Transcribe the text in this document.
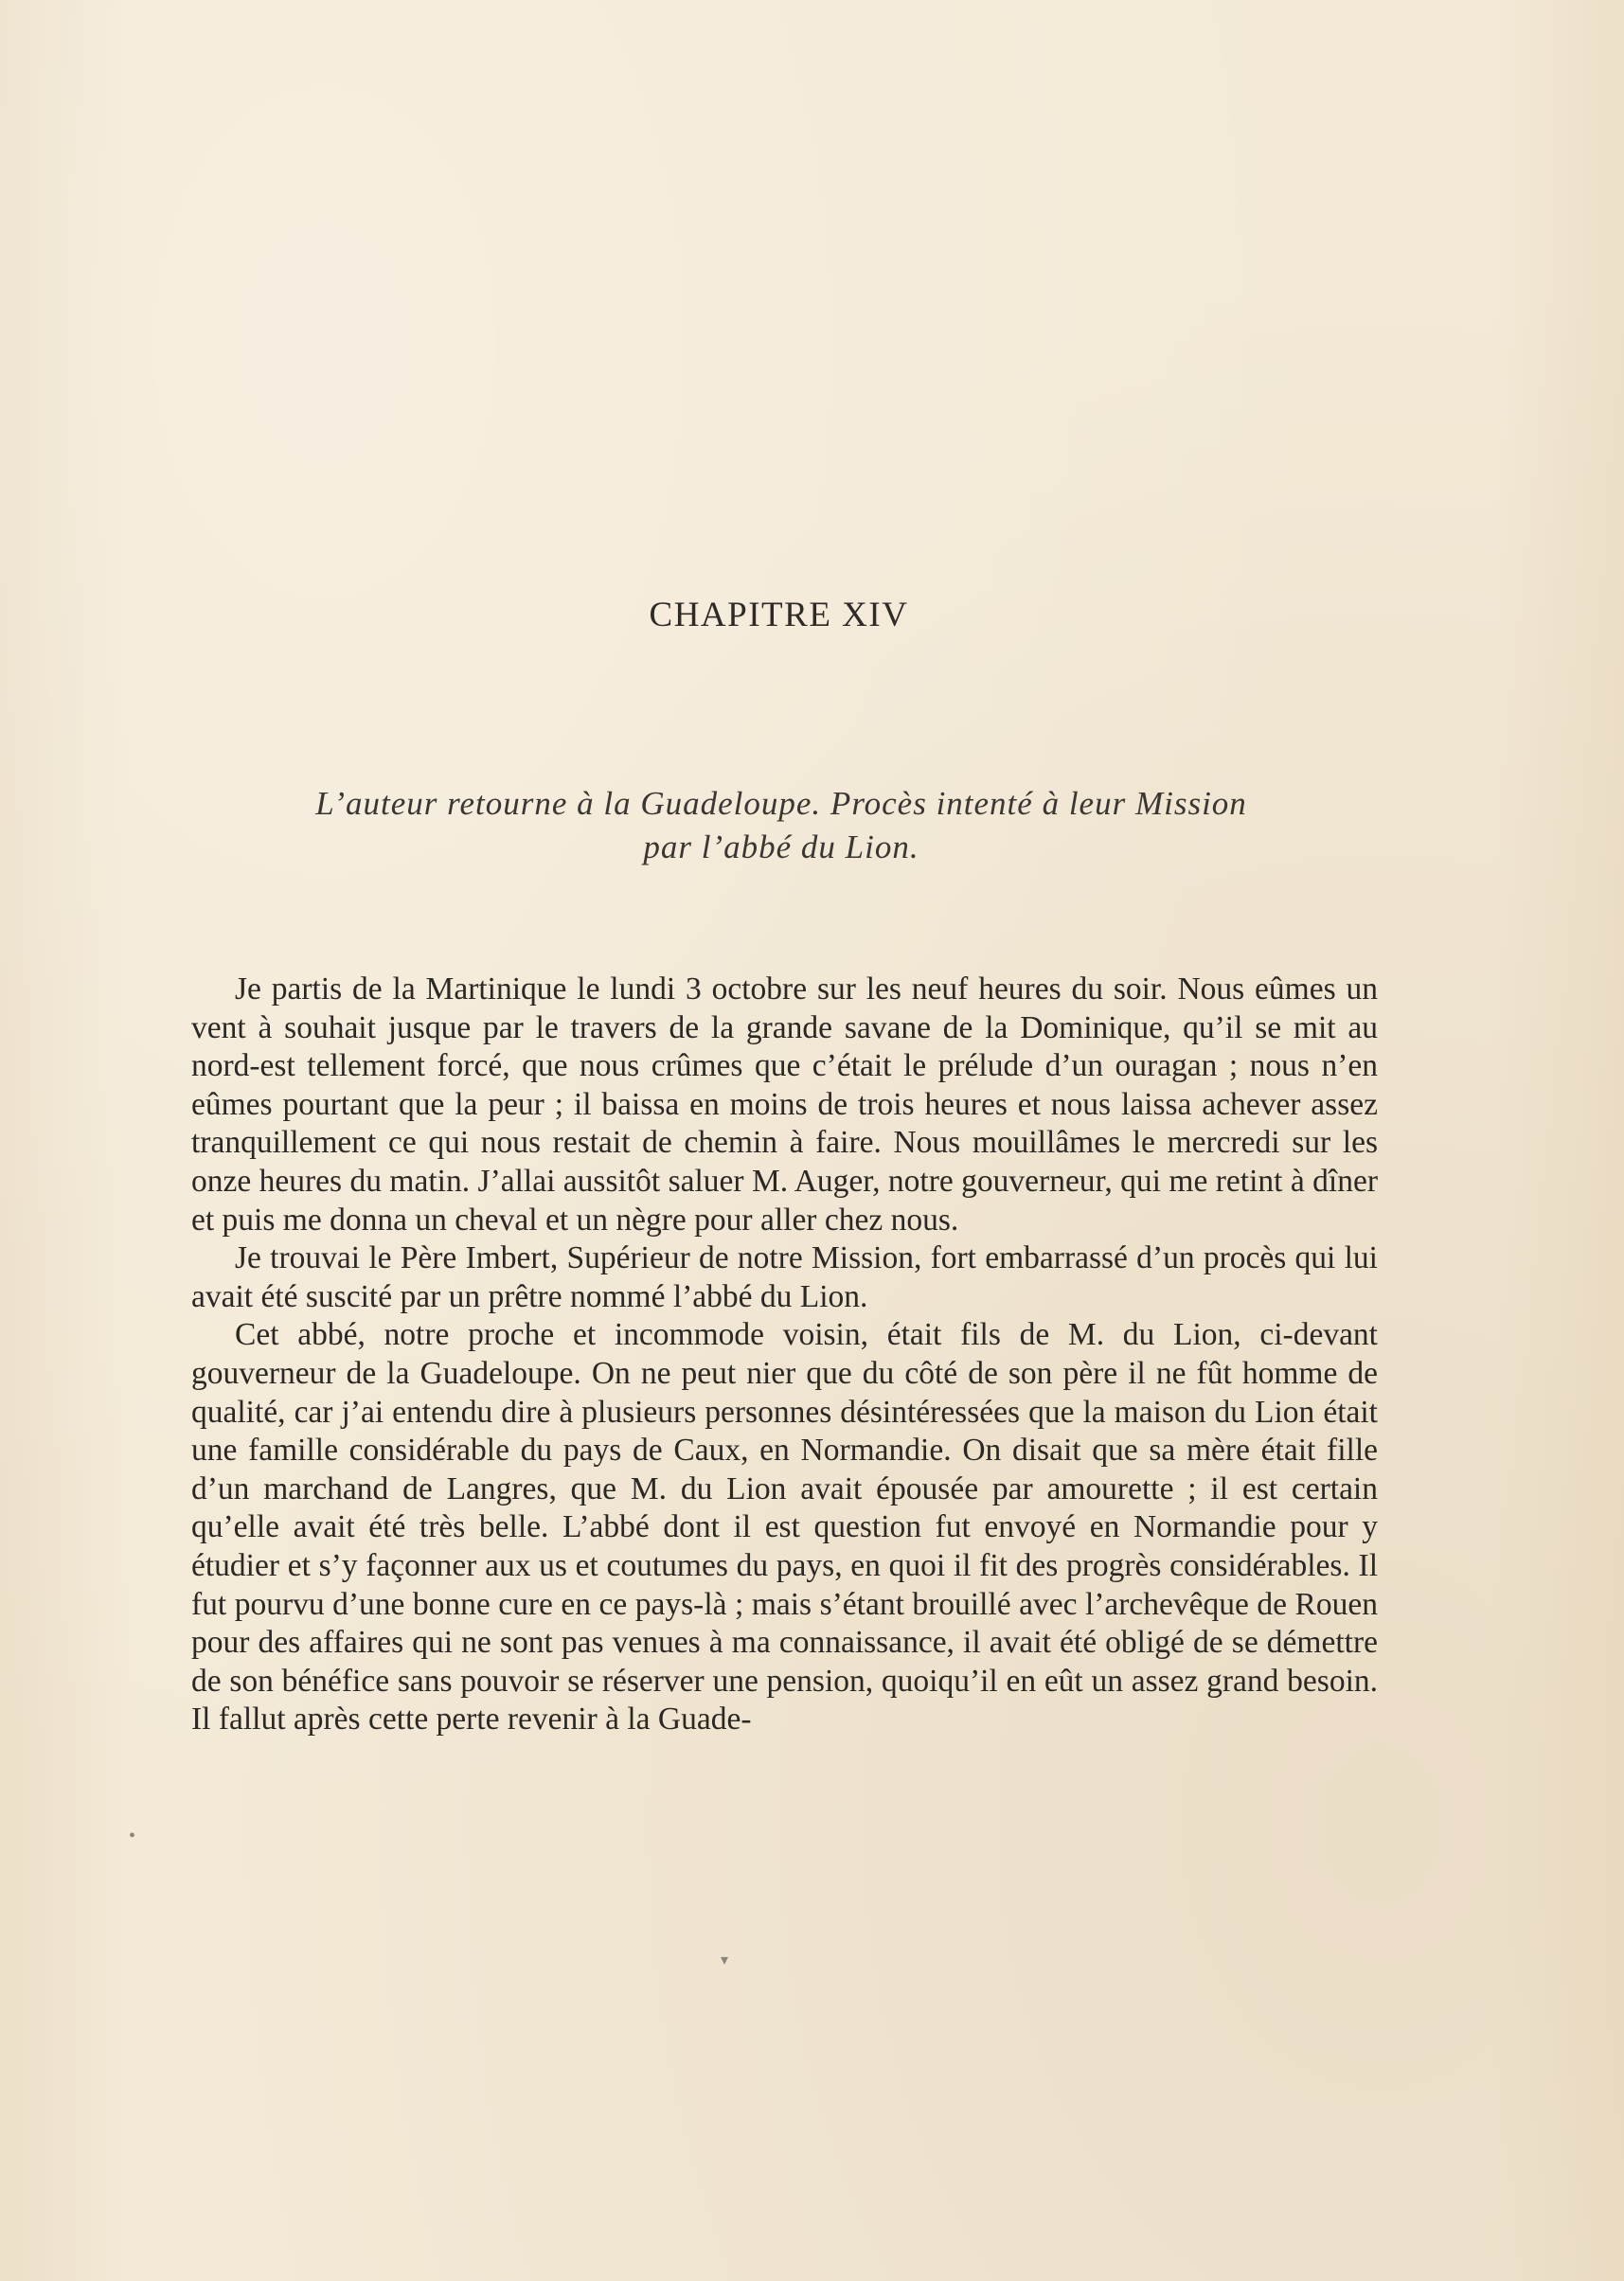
CHAPITRE XIV
L’auteur retourne à la Guadeloupe. Procès intenté à leur Mission
par l’abbé du Lion.

Je partis de la Martinique le lundi 3 octobre sur les neuf heures du soir. Nous eûmes un vent à souhait jusque par le travers de la grande savane de la Dominique, qu’il se mit au nord-est tellement forcé, que nous crûmes que c’était le prélude d’un ouragan ; nous n’en eûmes pourtant que la peur ; il baissa en moins de trois heures et nous laissa achever assez tranquillement ce qui nous restait de chemin à faire. Nous mouillâmes le mercredi sur les onze heures du matin. J’allai aussitôt saluer M. Auger, notre gouverneur, qui me retint à dîner et puis me donna un cheval et un nègre pour aller chez nous.

Je trouvai le Père Imbert, Supérieur de notre Mission, fort embarrassé d’un procès qui lui avait été suscité par un prêtre nommé l’abbé du Lion.

Cet abbé, notre proche et incommode voisin, était fils de M. du Lion, ci-devant gouverneur de la Guadeloupe. On ne peut nier que du côté de son père il ne fût homme de qualité, car j’ai entendu dire à plusieurs personnes désintéressées que la maison du Lion était une famille considérable du pays de Caux, en Normandie. On disait que sa mère était fille d’un marchand de Langres, que M. du Lion avait épousée par amourette ; il est certain qu’elle avait été très belle. L’abbé dont il est question fut envoyé en Normandie pour y étudier et s’y façonner aux us et coutumes du pays, en quoi il fit des progrès considérables. Il fut pourvu d’une bonne cure en ce pays-là ; mais s’étant brouillé avec l’archevêque de Rouen pour des affaires qui ne sont pas venues à ma connaissance, il avait été obligé de se démettre de son bénéfice sans pouvoir se réserver une pension, quoiqu’il en eût un assez grand besoin. Il fallut après cette perte revenir à la Guade-

•
▾
